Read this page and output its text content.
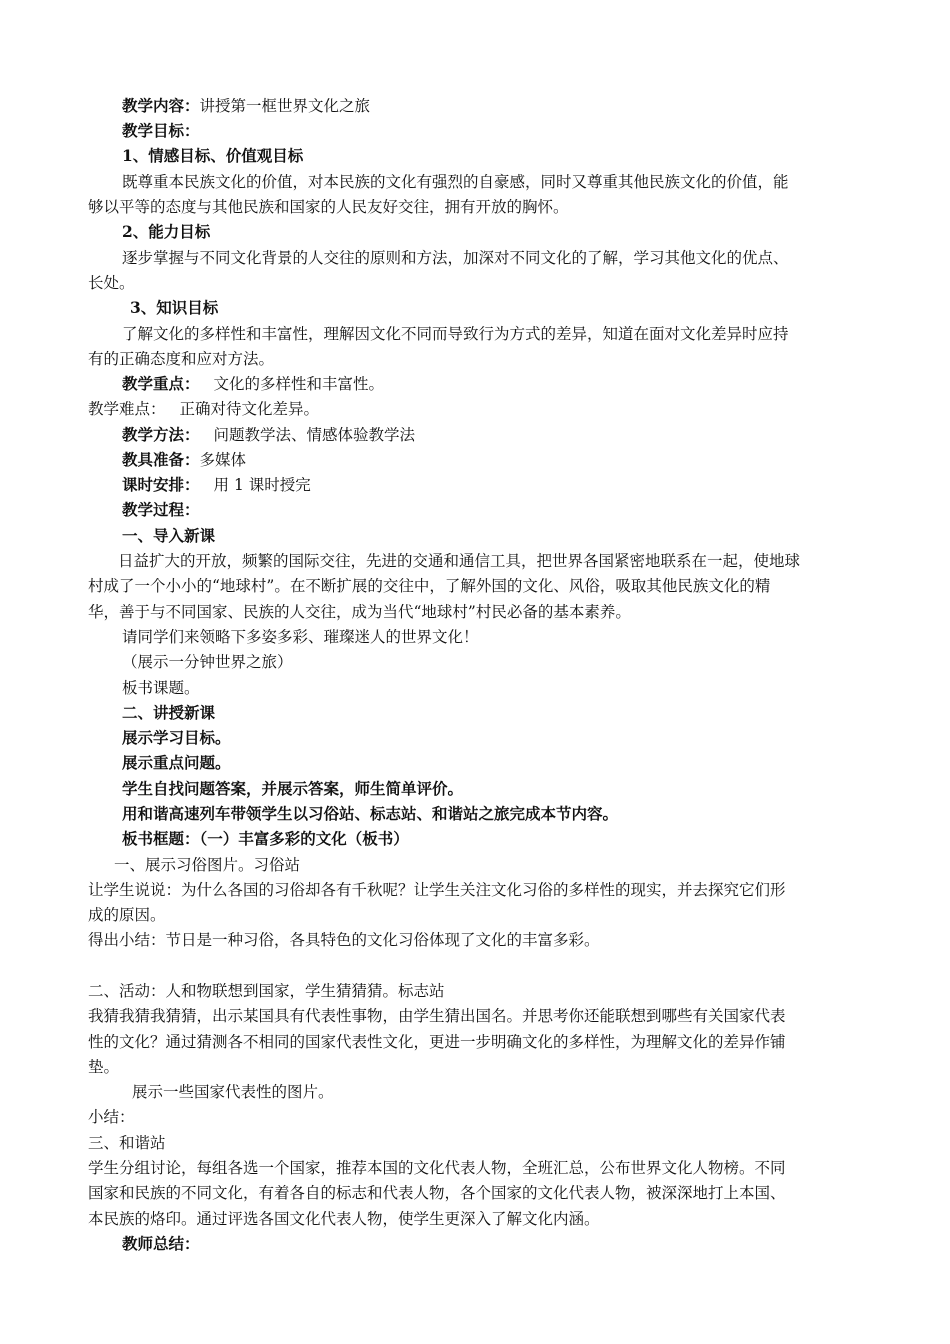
教学内容：讲授第一框世界文化之旅
教学目标：
1、情感目标、价值观目标
既尊重本民族文化的价值，对本民族的文化有强烈的自豪感，同时又尊重其他民族文化的价值，能
够以平等的态度与其他民族和国家的人民友好交往，拥有开放的胸怀。
2、能力目标
逐步掌握与不同文化背景的人交往的原则和方法，加深对不同文化的了解，学习其他文化的优点、
长处。
3、知识目标
了解文化的多样性和丰富性，理解因文化不同而导致行为方式的差异，知道在面对文化差异时应持
有的正确态度和应对方法。
教学重点： 文化的多样性和丰富性。
教学难点： 正确对待文化差异。
教学方法： 问题教学法、情感体验教学法
教具准备：多媒体
课时安排： 用 1 课时授完
教学过程：
一、导入新课
日益扩大的开放，频繁的国际交往，先进的交通和通信工具，把世界各国紧密地联系在一起，使地球
村成了一个小小的“地球村”。在不断扩展的交往中，了解外国的文化、风俗，吸取其他民族文化的精
华，善于与不同国家、民族的人交往，成为当代“地球村”村民必备的基本素养。
请同学们来领略下多姿多彩、璀璨迷人的世界文化！
（展示一分钟世界之旅）
板书课题。
二、讲授新课
展示学习目标。
展示重点问题。
学生自找问题答案，并展示答案，师生简单评价。
用和谐高速列车带领学生以习俗站、标志站、和谐站之旅完成本节内容。
板书框题：（一）丰富多彩的文化（板书）
一、展示习俗图片。习俗站
让学生说说：为什么各国的习俗却各有千秋呢？让学生关注文化习俗的多样性的现实，并去探究它们形
成的原因。
得出小结：节日是一种习俗，各具特色的文化习俗体现了文化的丰富多彩。
二、活动：人和物联想到国家，学生猜猜猜。标志站
我猜我猜我猜猜，出示某国具有代表性事物，由学生猜出国名。并思考你还能联想到哪些有关国家代表
性的文化？通过猜测各不相同的国家代表性文化，更进一步明确文化的多样性，为理解文化的差异作铺
垫。
展示一些国家代表性的图片。
小结：
三、和谐站
学生分组讨论，每组各选一个国家，推荐本国的文化代表人物，全班汇总，公布世界文化人物榜。不同
国家和民族的不同文化，有着各自的标志和代表人物，各个国家的文化代表人物，被深深地打上本国、
本民族的烙印。通过评选各国文化代表人物，使学生更深入了解文化内涵。
教师总结：
